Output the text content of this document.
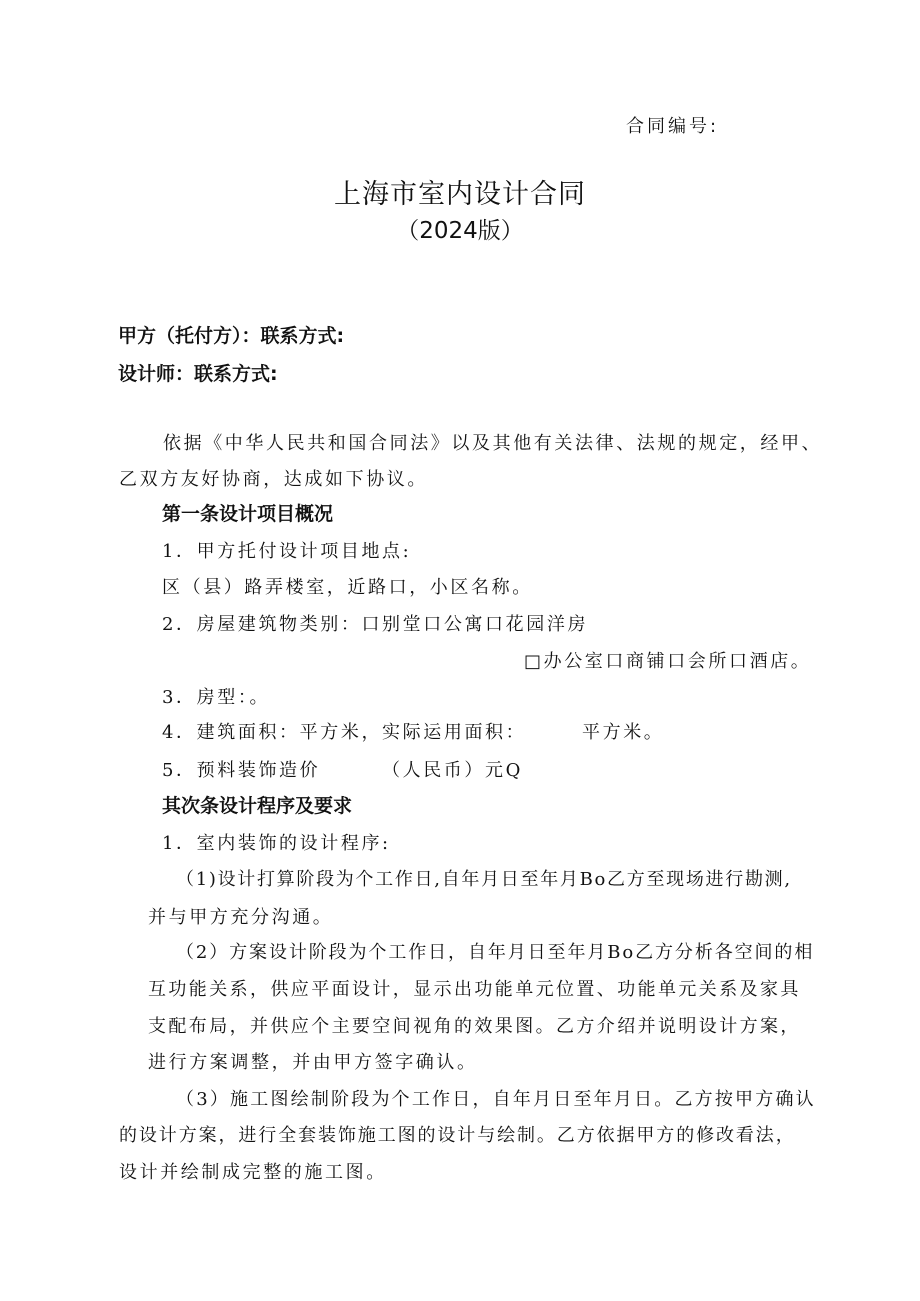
合同编号:
上海市室内设计合同
（2024版）
甲方（托付方）：联系方式:
设计师：联系方式:
依据《中华人民共和国合同法》以及其他有关法律、法规的规定，经甲、
乙双方友好协商，达成如下协议。
第一条设计项目概况
1．甲方托付设计项目地点:
区（县）路弄楼室，近路口，小区名称。
2．房屋建筑物类别：口别堂口公寓口花园洋房
□办公室口商铺口会所口酒店。
3．房型：。
4．建筑面积：平方米，实际运用面积：	平方米。
5．预料装饰造价	（人民币）元Q
其次条设计程序及要求
1．室内装饰的设计程序:
（1)设计打算阶段为个工作日,自年月日至年月Bo乙方至现场进行勘测,
并与甲方充分沟通。
（2）方案设计阶段为个工作日，自年月日至年月Bo乙方分析各空间的相
互功能关系，供应平面设计，显示出功能单元位置、功能单元关系及家具
支配布局，并供应个主要空间视角的效果图。乙方介绍并说明设计方案，
进行方案调整，并由甲方签字确认。
（3）施工图绘制阶段为个工作日，自年月日至年月日。乙方按甲方确认
的设计方案，进行全套装饰施工图的设计与绘制。乙方依据甲方的修改看法，
设计并绘制成完整的施工图。
